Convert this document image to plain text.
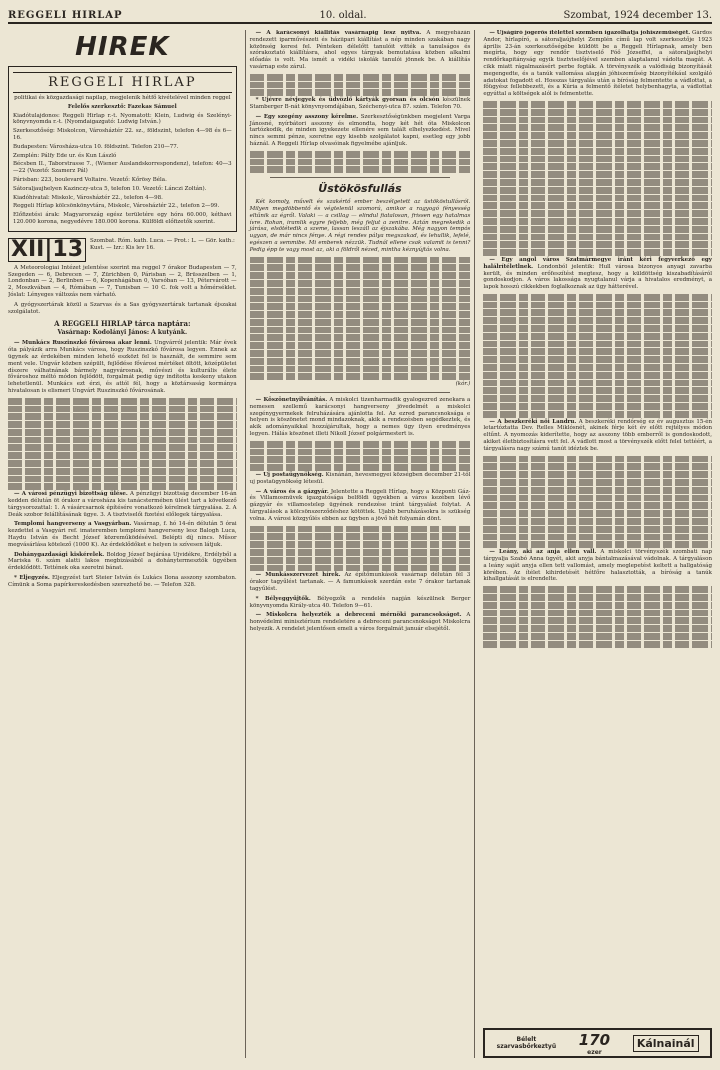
REGGELI HIRLAP	10. oldal.	Szombat, 1924 december 13.
HIREK
REGGELI HIRLAP
politikai és közgazdasági napilap, megjelenik hétfő kivételével minden reggel
Felelős szerkesztő: Fazekas Sámuel
Kiadótulajdonos: Reggeli Hirlap r.-t. Nyomatott: Klein, Ludwig és Szelényi-könyvnyomda r.-t. (Nyomdaigazgató: Ludwig István.)
Szerkesztőség: Miskolcon, Városháztér 22. sz., földszint, telefon 4—98 és 6—16.
Budapesten: Városháza-utca 10. földszint. Telefon 210—77.
Zemplén: Pálfy Ede ur. és Kun László
Bécsben II., Taborstrasse 7., (Wiener Auslandskorrespondenz), telefon: 40—3—22 (Vezető: Szamerz Pál)
Párisban: 223, boulevard Voltaire. Vezető: Kőrösy Béla.
Sátoraljaujhelyen Kazinczy-utca 5, telefon 10. Vezető: Lánczi Zoltán).
Kiadóhivatal: Miskolc, Városháztér 22., telefon 4—98.
Reggeli Hírlap kölcsönkönyvtára, Miskolc, Városháztér 22., telefon 2—99.
Előfizetési árak: Magyarország egész területére egy hóra 60.000, kéthavi 120.000 korona, negyedévre 180.000 korona. Külföldi előfizetők szerint.
XII|13	Szombat. Róm. kath. Luca. — Prot.: L. — Gör. kath.: Kust. — Izr.: Kis lev 16.
A Meteorologiai Intézet jelentése szerint ma reggel 7 órakor Budapesten — 7, Szegeden — 6, Debrecen — 7, Zürichben 0, Párisban — 2, Brüsszelben — 1, Londonban — 2, Berlinben — 6, Kopenhágában 0, Varsóban — 13, Pétervárott — 2, Moszkvában — 4, Rómában — 7, Tunisban — 10 C. fok volt a hőmérséklet. Jóslat: Lényeges változás nem várható.
A gyógyszertárak közül a Szarvas és a Sas gyógyszertárak tartanak éjszakai szolgálatot.
A REGGELI HIRLAP tárca naptára:
Vasárnap: Kodolányi János: A kutyánk.
— Munkács Ruszinszkó fővárosa akar lenni. Ungvárról jelentik: Már évek óta pályázik arra Munkács városa, hogy Ruszinszkó fővárosa legyen. Ennek az ügynek az érdekében minden lehető eszközt fel is használt, de semmire sem ment vele. Ungvár közben szépült, fejlődése fővárosi mértéket öltött, középületei díszere válhatnának bármely nagyvárosnak, művészi és kulturális élete fővároshoz méltó módon fejlődött, forgalmát pedig úgy indította keskeny utakon lehetetlenül. Munkács ezt érzi, és attól fél, hogy a köztársaság kormánya hivatalosan is elismeri Ungvárt Ruszinszkó fővárosának.
— A városi pénzügyi bizottság ülése. A pénzügyi bizottság december 16-án kedden délután öt órakor a városháza kis tanácstermében ülést tart a következő tárgysorozattal: 1. A vásárcsarnok építésére vonatkozó kérelmek tárgyalása. 2. A Deák szobor felállításának ügye. 3. A tisztviselői fizetési előlegek tárgyalása.
Templomi hangverseny a Vasgyárban. Vasárnap, f. hó 14-én délután 5 órai kezdettel a Vasgyári ref. imateremben templomi hangverseny lesz Balogh Luca, Haydu István és Becht József közreműködésével. Belépti díj nincs. Műsor megvásárlása kötelező (1000 K). Az érdeklődőket e helyen is szívesen látjuk.
Dohánygazdasági kiskérelek. Boldog József bejárása Ujvidékre, Erdélyből a Mariska 6. szám alatti lakos megbizásából a dohánytermesztők ügyében érdeklődött. Tettének oka szeretni bánat.
* Eljegyzés. Eljegyzést tart Steier István és Lukács Ilona asszony szombaton. Címünk a Soma papírkereskedésben szerezhető be. — Telefon 328.
— A karácsonyi kiállítás vasárnapig lesz nyitva. A megyeházán rendezett iparművészeti és háziipari kiállítást a nép minden szakában nagy közönség keresi fel. Pénteken délelőtt tanulóit vitték a tanulságos és szórakoztató kiállításra, ahol egyes tárgyak bemutatása közben alkalmi előadás is volt. Ma ismét a vidéki iskolák tanulói jönnek be. A kiállítás vasárnap este zárul.
* Ujévre névjegyek és üdvözlő kártyák gyorsan és olcsón készülnek Stamberger B-nát könyvnyomdájában, Széchenyi-utca 87. szám. Telefon 70.
— Egy szegény asszony kérelme. Szerkesztőségünkben megjelent Varga Jánosné, nyírbátori asszony és elmondta, hogy két hét óta Miskolcon tartózkodik, de minden igyekezete ellenére sem talált elhelyezkedést. Mivel nincs semmi pénze, szeretne egy kisebb szolgálatot kapni, esetleg egy jobb háznál. A Reggeli Hírlap olvasóinak figyelmébe ajánljuk.
Üstökösfullás
Két komoly, művelt és szakértő ember beszélgetett az üstököstullásról. Milyen megdöbbentő és végtelenül szomorú, amikor a ragyogó fényesség eltűnik az égről. Valaki — a csillag — elindul fiatalosan, frissen egy hatalmas ívre. Rohan, iramlik egyre feljebb, még feljut a zenitre. Aztán megrekedik a járása, elsötétedik a szeme, lassan leszáll az éjszakába. Még nagyon tempós ugyan, de már nincs fénye. A régi rendes pálya megszakad, és lehullik, lefelé, egészen a semmibe. Mi emberek nézzük. Tudnál ellene csak valamit is tenni? Pedig épp te vagy most az, aki a földről nézed, mintha kéznyújtás volna.
(kór.)
— Köszönetnyilvánítás. A miskolci tizenharmadik gyalogezred zenekara a nemesen szellemű karácsonyi hangverseny jövedelmét a miskolci szegénygyermekek felruházására ajánlotta fel. Az ezred parancsnoksága e helyen is köszönetet mond mindazoknak, akik a rendezésben segédkeztek, és akik adományaikkal hozzájárultak, hogy a nemes ügy ilyen eredményes legyen. Hálás köszönet illeti Nikoll József polgármestert is.
— Uj postaügynökség. Kisnánán, hevesmegyei községben december 21-től uj postaügynökség létesül.
— A város és a gázgyár. Jelentette a Reggeli Hírlap, hogy a Központi Gáz- és Villamosmüvek igazgatósága belföldi ügyekben a város kezében lévő gázgyár és villamostelep ügyének rendezése iránt tárgyalást folytat. A tárgyalások a kölcsönszerződéshez kötöttek. Ujabb beruházásokra is szükség volna. A városi közgyűlés ebben az ügyben a jövő hét folyamán dönt.
— Munkásszervezet hírek. Az építőmunkások vasárnap délután fél 3 órakor tagyűlést tartanak. — A famunkások szerdán este 7 órakor tartanak tagyűlést.
* Bélyeggyűjtők. Bélyegzők a rendelés napján készülnek Berger könyvnyomda Király-utca 40. Telefon 9—61.
— Miskolcra helyezték a debreceni mérnöki parancsokságot. A honvédelmi minisztérium rendeletére a debreceni parancsnokságot Miskolcra helyezik. A rendelet jelentősen emeli a város forgalmát január elsejétől.
— Ujságíró jogerős ítélettel szemben igazolhatja johiszeműségét. Gárdos Andor, hírlapíró, a sátoraljaújhelyi Zemplén című lap volt szerkesztője 1923 április 23-án szerkesztőségébe küldött be a Reggeli Hírlapnak, amely ben megírta, hogy egy rendőr tisztviselő Fóő Józseffel, a sátoraljaújhelyi rendőrkapitányság egyik tisztviselőjével szemben alaptalanul vádolta magát. A cikk miatt rágalmazásért perbe fogták. A törvényszék a valódiság bizonyítását megengedte, és a tanúk vallomása alapján jóhiszeműség bizonyítékául szolgáló adatokat fogadott el. Hosszas tárgyalás után a bíróság felmentette a vádlottat, a főügyész fellebbezett, és a Kúria a felmentő ítéletet helybenhagyta, a vádlottat egyúttal a költségek alól is felmentette.
— Egy angol város Szatmármegye iránt kéri fegyverkező egy halálrítéletlnek. Londonból jelentik: Hull városa bizonyos anyagi zavarba került, és minden erőfeszítést megtesz, hogy a küldöttség kiszabadításáról gondoskodjon. A város lakossága nyugtalanul várja a hivatalos eredményt, a lapok hosszú cikkekben foglalkoznak az ügy hátterével.
— A beszkeréki női Landru. A beszkeréki rendőrség ez év augusztus 15-én letartóztatta Dev. Relles Miklósnét, akinek férje két év előtt rejtélyes módon eltűnt. A nyomozás kiderítette, hogy az asszony több emberről is gondoskodott, akiket életbiztosításra vett fel. A vádlott most a törvényszék előtt felel tettéért, a tárgyalásra nagy számú tanút idéztek be.
— Leány, aki az anja ellen vall. A miskolci törvényszék szombati nap tárgyalja Szabó Anna ügyét, akit anyja bántalmazásával vádolnak. A tárgyaláson a leány saját anyja ellen tett vallomást, amely meglepetést keltett a hallgatóság körében. Az ítélet kihirdetését hétfőre halasztották, a bíróság a tanúk kihallgatását is elrendelte.
Bélelt
szarvasbőrkeztyű 170
ezer
Kálnainál
